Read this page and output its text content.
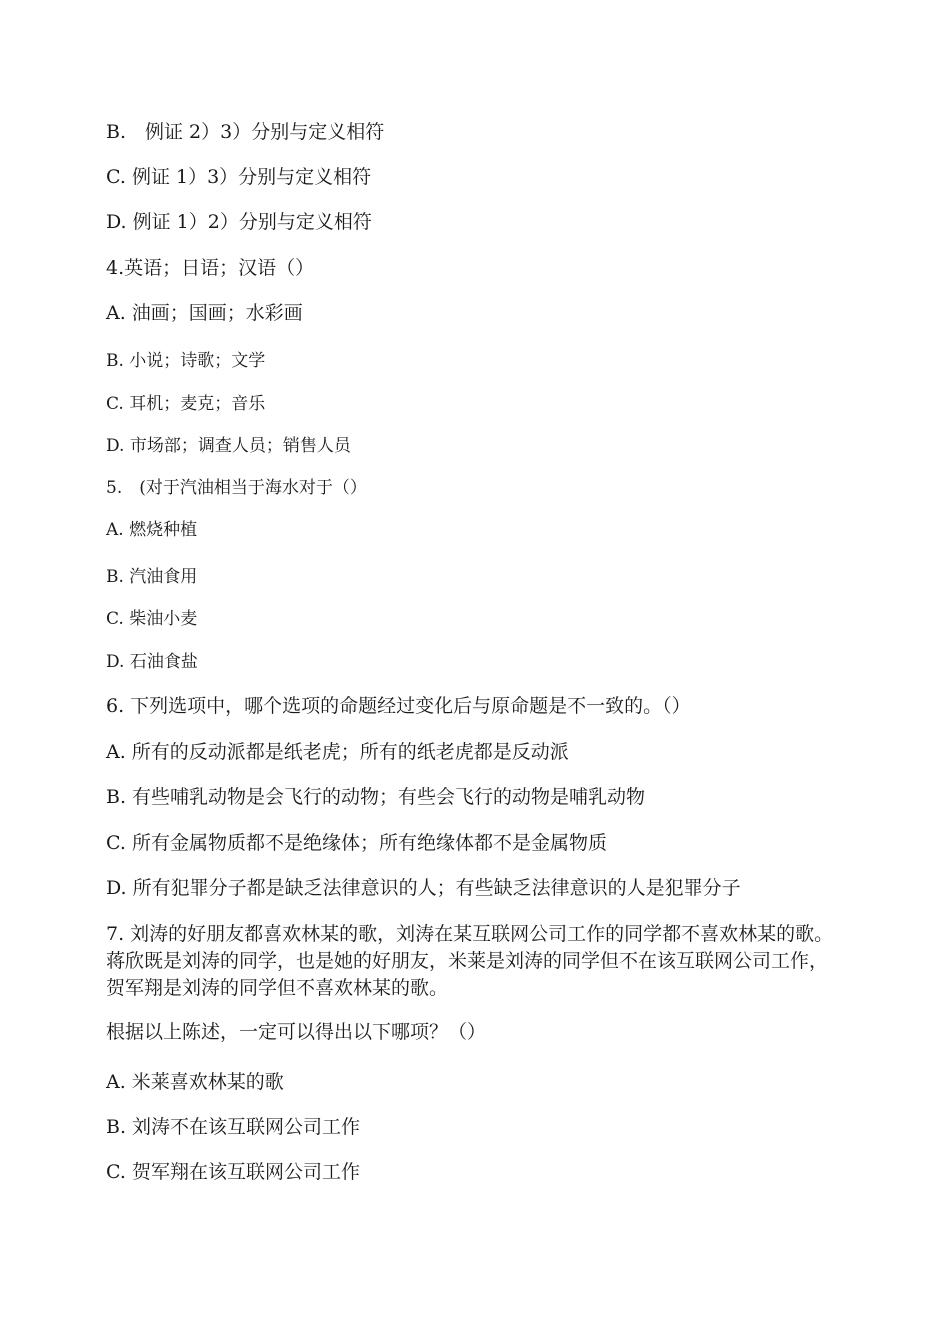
B.　例证 2）3）分别与定义相符
C. 例证 1）3）分别与定义相符
D. 例证 1）2）分别与定义相符
4.英语；日语；汉语（）
A. 油画；国画；水彩画
B. 小说；诗歌；文学
C. 耳机；麦克；音乐
D. 市场部；调查人员；销售人员
5.　(对于汽油相当于海水对于（）
A. 燃烧种植
B. 汽油食用
C. 柴油小麦
D. 石油食盐
6. 下列选项中，哪个选项的命题经过变化后与原命题是不一致的。（）
A. 所有的反动派都是纸老虎；所有的纸老虎都是反动派
B. 有些哺乳动物是会飞行的动物；有些会飞行的动物是哺乳动物
C. 所有金属物质都不是绝缘体；所有绝缘体都不是金属物质
D. 所有犯罪分子都是缺乏法律意识的人；有些缺乏法律意识的人是犯罪分子
7. 刘涛的好朋友都喜欢林某的歌，刘涛在某互联网公司工作的同学都不喜欢林某的歌。蒋欣既是刘涛的同学，也是她的好朋友，米莱是刘涛的同学但不在该互联网公司工作，贺军翔是刘涛的同学但不喜欢林某的歌。
根据以上陈述，一定可以得出以下哪项？（）
A. 米莱喜欢林某的歌
B. 刘涛不在该互联网公司工作
C. 贺军翔在该互联网公司工作
